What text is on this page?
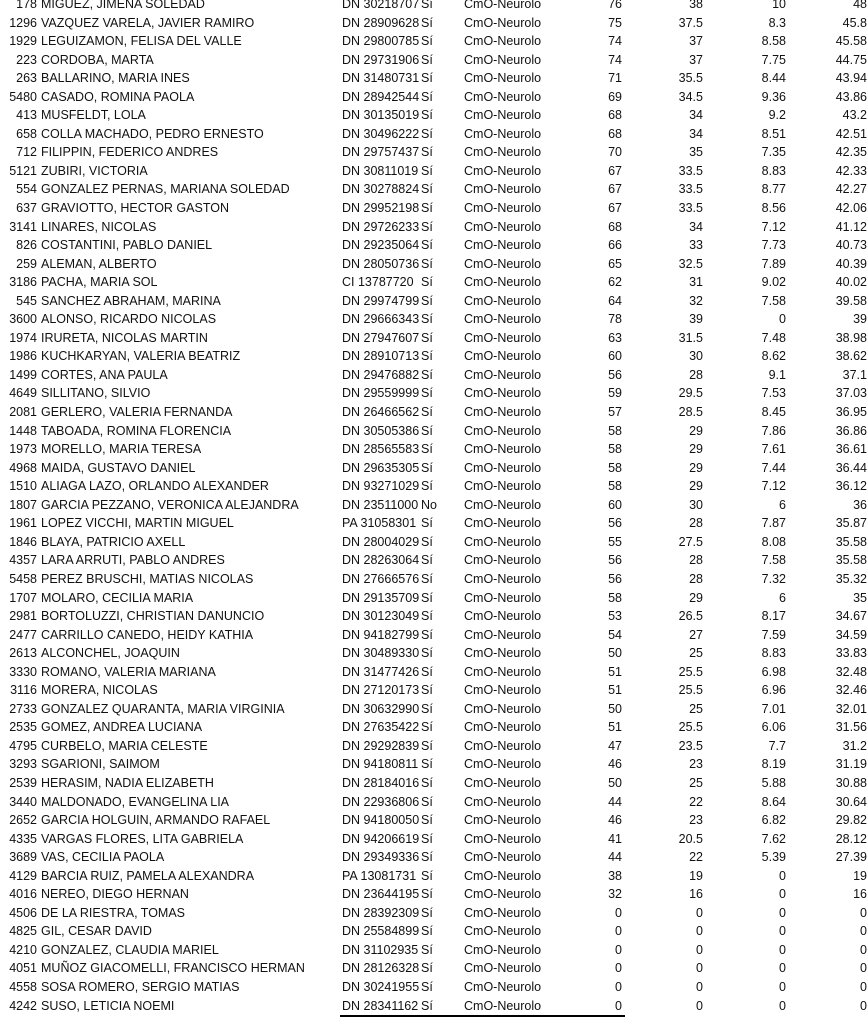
178 MIGUEZ, JIMENA SOLEDAD	DN 30218707 Sí	CmO-Neurolo	76	38	10	48
1296 VAZQUEZ VARELA, JAVIER RAMIRO	DN 28909628 Sí	CmO-Neurolo	75	37.5	8.3	45.8
1929 LEGUIZAMON, FELISA DEL VALLE	DN 29800785 Sí	CmO-Neurolo	74	37	8.58	45.58
223 CORDOBA, MARTA	DN 29731906 Sí	CmO-Neurolo	74	37	7.75	44.75
263 BALLARINO, MARIA INES	DN 31480731 Sí	CmO-Neurolo	71	35.5	8.44	43.94
5480 CASADO, ROMINA PAOLA	DN 28942544 Sí	CmO-Neurolo	69	34.5	9.36	43.86
413 MUSFELDT, LOLA	DN 30135019 Sí	CmO-Neurolo	68	34	9.2	43.2
658 COLLA MACHADO, PEDRO ERNESTO	DN 30496222 Sí	CmO-Neurolo	68	34	8.51	42.51
712 FILIPPIN, FEDERICO ANDRES	DN 29757437 Sí	CmO-Neurolo	70	35	7.35	42.35
5121 ZUBIRI, VICTORIA	DN 30811019 Sí	CmO-Neurolo	67	33.5	8.83	42.33
554 GONZALEZ PERNAS, MARIANA SOLEDAD	DN 30278824 Sí	CmO-Neurolo	67	33.5	8.77	42.27
637 GRAVIOTTO, HECTOR GASTON	DN 29952198 Sí	CmO-Neurolo	67	33.5	8.56	42.06
3141 LINARES, NICOLAS	DN 29726233 Sí	CmO-Neurolo	68	34	7.12	41.12
826 COSTANTINI, PABLO DANIEL	DN 29235064 Sí	CmO-Neurolo	66	33	7.73	40.73
259 ALEMAN, ALBERTO	DN 28050736 Sí	CmO-Neurolo	65	32.5	7.89	40.39
3186 PACHA, MARIA SOL	CI 13787720 Sí	CmO-Neurolo	62	31	9.02	40.02
545 SANCHEZ ABRAHAM, MARINA	DN 29974799 Sí	CmO-Neurolo	64	32	7.58	39.58
3600 ALONSO, RICARDO NICOLAS	DN 29666343 Sí	CmO-Neurolo	78	39	0	39
1974 IRURETA, NICOLAS MARTIN	DN 27947607 Sí	CmO-Neurolo	63	31.5	7.48	38.98
1986 KUCHKARYAN, VALERIA BEATRIZ	DN 28910713 Sí	CmO-Neurolo	60	30	8.62	38.62
1499 CORTES, ANA PAULA	DN 29476882 Sí	CmO-Neurolo	56	28	9.1	37.1
4649 SILLITANO, SILVIO	DN 29559999 Sí	CmO-Neurolo	59	29.5	7.53	37.03
2081 GERLERO, VALERIA FERNANDA	DN 26466562 Sí	CmO-Neurolo	57	28.5	8.45	36.95
1448 TABOADA, ROMINA FLORENCIA	DN 30505386 Sí	CmO-Neurolo	58	29	7.86	36.86
1973 MORELLO, MARIA TERESA	DN 28565583 Sí	CmO-Neurolo	58	29	7.61	36.61
4968 MAIDA, GUSTAVO DANIEL	DN 29635305 Sí	CmO-Neurolo	58	29	7.44	36.44
1510 ALIAGA LAZO, ORLANDO ALEXANDER	DN 93271029 Sí	CmO-Neurolo	58	29	7.12	36.12
1807 GARCIA PEZZANO, VERONICA ALEJANDRA	DN 23511000 No	CmO-Neurolo	60	30	6	36
1961 LOPEZ VICCHI, MARTIN MIGUEL	PA 31058301 Sí	CmO-Neurolo	56	28	7.87	35.87
1846 BLAYA, PATRICIO AXELL	DN 28004029 Sí	CmO-Neurolo	55	27.5	8.08	35.58
4357 LARA ARRUTI, PABLO ANDRES	DN 28263064 Sí	CmO-Neurolo	56	28	7.58	35.58
5458 PEREZ BRUSCHI, MATIAS NICOLAS	DN 27666576 Sí	CmO-Neurolo	56	28	7.32	35.32
1707 MOLARO, CECILIA MARIA	DN 29135709 Sí	CmO-Neurolo	58	29	6	35
2981 BORTOLUZZI, CHRISTIAN DANUNCIO	DN 30123049 Sí	CmO-Neurolo	53	26.5	8.17	34.67
2477 CARRILLO CANEDO, HEIDY KATHIA	DN 94182799 Sí	CmO-Neurolo	54	27	7.59	34.59
2613 ALCONCHEL, JOAQUIN	DN 30489330 Sí	CmO-Neurolo	50	25	8.83	33.83
3330 ROMANO, VALERIA MARIANA	DN 31477426 Sí	CmO-Neurolo	51	25.5	6.98	32.48
3116 MORERA, NICOLAS	DN 27120173 Sí	CmO-Neurolo	51	25.5	6.96	32.46
2733 GONZALEZ QUARANTA, MARIA VIRGINIA	DN 30632990 Sí	CmO-Neurolo	50	25	7.01	32.01
2535 GOMEZ, ANDREA LUCIANA	DN 27635422 Sí	CmO-Neurolo	51	25.5	6.06	31.56
4795 CURBELO, MARIA CELESTE	DN 29292839 Sí	CmO-Neurolo	47	23.5	7.7	31.2
3293 SGARIONI, SAIMOM	DN 94180811 Sí	CmO-Neurolo	46	23	8.19	31.19
2539 HERASIM, NADIA ELIZABETH	DN 28184016 Sí	CmO-Neurolo	50	25	5.88	30.88
3440 MALDONADO, EVANGELINA LIA	DN 22936806 Sí	CmO-Neurolo	44	22	8.64	30.64
2652 GARCIA HOLGUIN, ARMANDO RAFAEL	DN 94180050 Sí	CmO-Neurolo	46	23	6.82	29.82
4335 VARGAS FLORES, LITA GABRIELA	DN 94206619 Sí	CmO-Neurolo	41	20.5	7.62	28.12
3689 VAS, CECILIA PAOLA	DN 29349336 Sí	CmO-Neurolo	44	22	5.39	27.39
4129 BARCIA RUIZ, PAMELA ALEXANDRA	PA 13081731 Sí	CmO-Neurolo	38	19	0	19
4016 NEREO, DIEGO HERNAN	DN 23644195 Sí	CmO-Neurolo	32	16	0	16
4506 DE LA RIESTRA, TOMAS	DN 28392309 Sí	CmO-Neurolo	0	0	0	0
4825 GIL, CESAR DAVID	DN 25584899 Sí	CmO-Neurolo	0	0	0	0
4210 GONZALEZ, CLAUDIA MARIEL	DN 31102935 Sí	CmO-Neurolo	0	0	0	0
4051 MUÑOZ GIACOMELLI, FRANCISCO HERMAN	DN 28126328 Sí	CmO-Neurolo	0	0	0	0
4558 SOSA ROMERO, SERGIO MATIAS	DN 30241955 Sí	CmO-Neurolo	0	0	0	0
4242 SUSO, LETICIA NOEMI	DN 28341162 Sí	CmO-Neurolo	0	0	0	0
